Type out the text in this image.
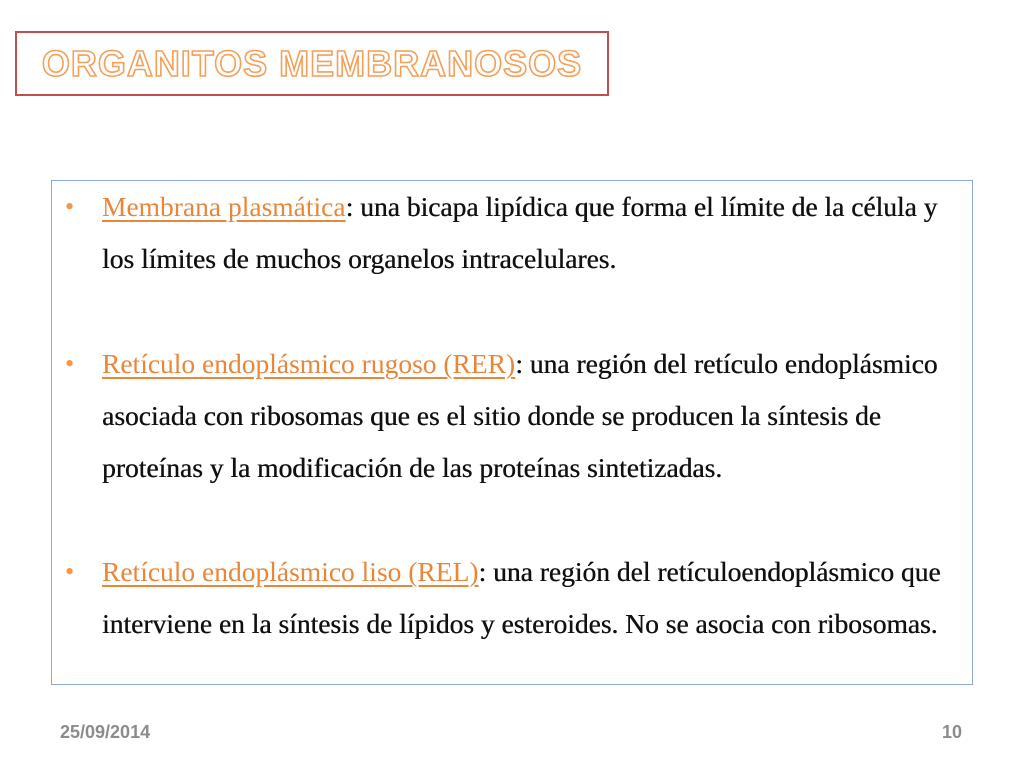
ORGANITOS MEMBRANOSOS
• Membrana plasmática: una bicapa lipídica que forma el límite de la célula y los límites de muchos organelos intracelulares.

• Retículo endoplásmico rugoso (RER): una región del retículo endoplásmico asociada con ribosomas que es el sitio donde se producen la síntesis de proteínas y la modificación de las proteínas sintetizadas.

• Retículo endoplásmico liso (REL): una región del retículoendoplásmico que interviene en la síntesis de lípidos y esteroides. No se asocia con ribosomas.

25/09/2014	10
